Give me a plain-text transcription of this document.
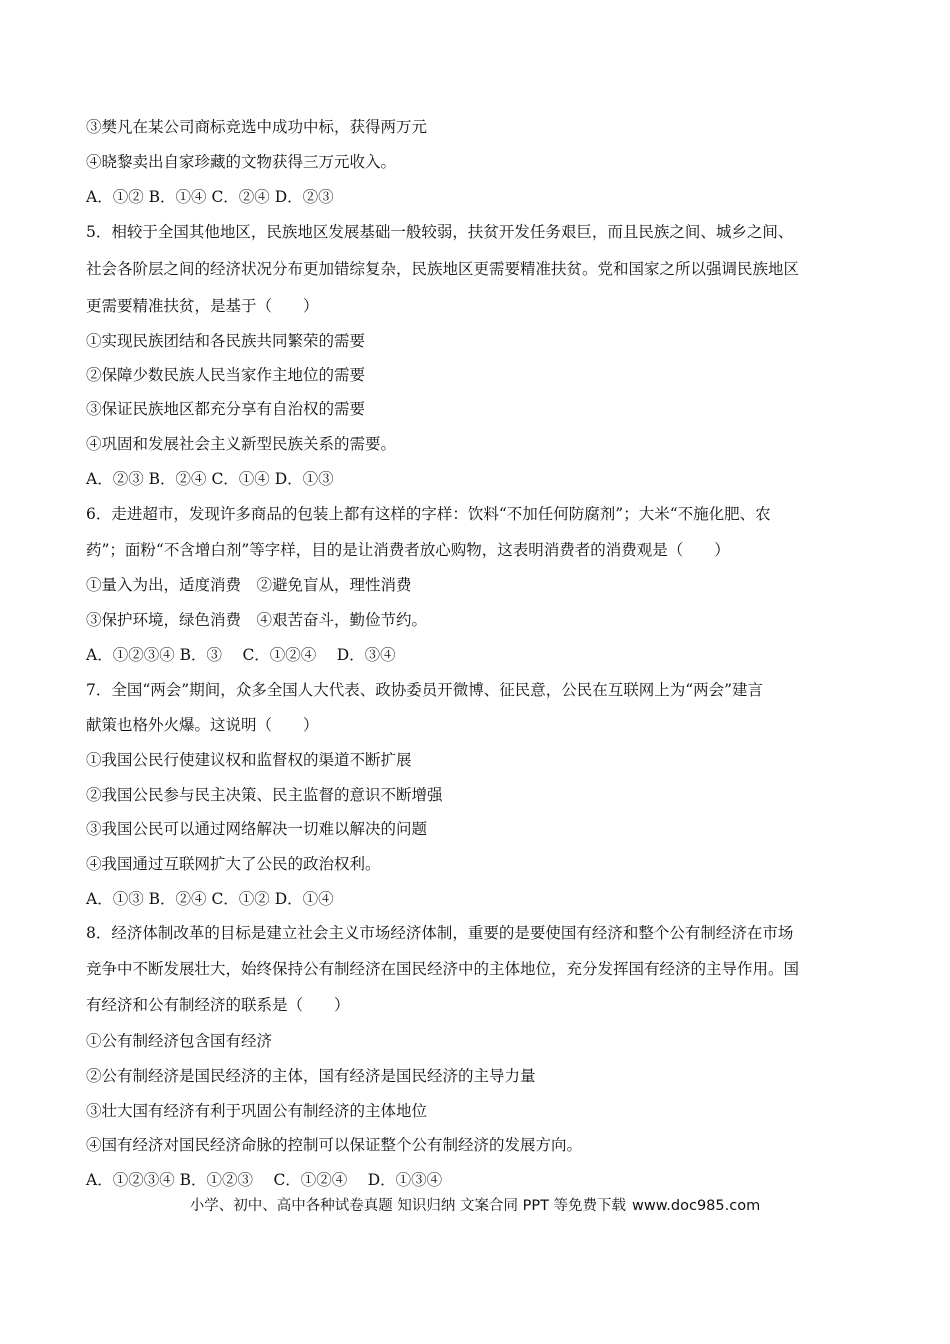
③樊凡在某公司商标竞选中成功中标，获得两万元
④晓黎卖出自家珍藏的文物获得三万元收入。
A．①② B．①④ C．②④ D．②③
5．相较于全国其他地区，民族地区发展基础一般较弱，扶贫开发任务艰巨，而且民族之间、城乡之间、
社会各阶层之间的经济状况分布更加错综复杂，民族地区更需要精准扶贫。党和国家之所以强调民族地区
更需要精准扶贫，是基于（　　）
①实现民族团结和各民族共同繁荣的需要
②保障少数民族人民当家作主地位的需要
③保证民族地区都充分享有自治权的需要
④巩固和发展社会主义新型民族关系的需要。
A．②③ B．②④ C．①④ D．①③
6．走进超市，发现许多商品的包装上都有这样的字样：饮料“不加任何防腐剂”；大米“不施化肥、农
药”；面粉“不含增白剂”等字样，目的是让消费者放心购物，这表明消费者的消费观是（　　）
①量入为出，适度消费　②避免盲从，理性消费
③保护环境，绿色消费　④艰苦奋斗，勤俭节约。
A．①②③④ B．③　 C．①②④　 D．③④
7．全国“两会”期间，众多全国人大代表、政协委员开微博、征民意，公民在互联网上为“两会”建言
献策也格外火爆。这说明（　　）
①我国公民行使建议权和监督权的渠道不断扩展
②我国公民参与民主决策、民主监督的意识不断增强
③我国公民可以通过网络解决一切难以解决的问题
④我国通过互联网扩大了公民的政治权利。
A．①③ B．②④ C．①② D．①④
8．经济体制改革的目标是建立社会主义市场经济体制，重要的是要使国有经济和整个公有制经济在市场
竞争中不断发展壮大，始终保持公有制经济在国民经济中的主体地位，充分发挥国有经济的主导作用。国
有经济和公有制经济的联系是（　　）
①公有制经济包含国有经济
②公有制经济是国民经济的主体，国有经济是国民经济的主导力量
③壮大国有经济有利于巩固公有制经济的主体地位
④国有经济对国民经济命脉的控制可以保证整个公有制经济的发展方向。
A．①②③④ B．①②③　 C．①②④　 D．①③④
小学、初中、高中各种试卷真题 知识归纳 文案合同 PPT 等免费下载 www.doc985.com
